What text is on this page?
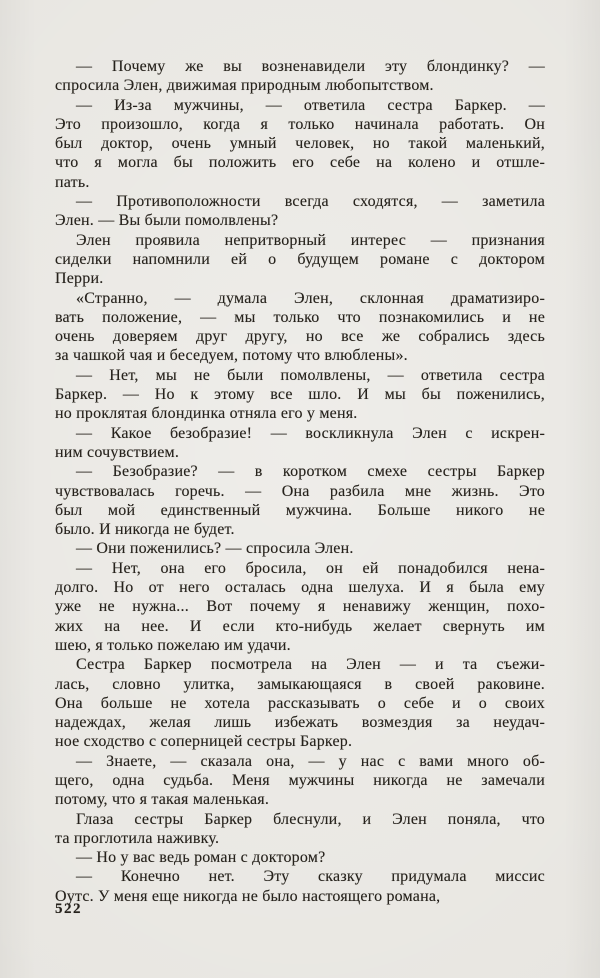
— Почему же вы возненавидели эту блондинку? —
спросила Элен, движимая природным любопытством.
— Из-за мужчины, — ответила сестра Баркер. —
Это произошло, когда я только начинала работать. Он
был доктор, очень умный человек, но такой маленький,
что я могла бы положить его себе на колено и отшле-
пать.
— Противоположности всегда сходятся, — заметила
Элен. — Вы были помолвлены?
Элен проявила непритворный интерес — признания
сиделки напомнили ей о будущем романе с доктором
Перри.
«Странно, — думала Элен, склонная драматизиро-
вать положение, — мы только что познакомились и не
очень доверяем друг другу, но все же собрались здесь
за чашкой чая и беседуем, потому что влюблены».
— Нет, мы не были помолвлены, — ответила сестра
Баркер. — Но к этому все шло. И мы бы поженились,
но проклятая блондинка отняла его у меня.
— Какое безобразие! — воскликнула Элен с искрен-
ним сочувствием.
— Безобразие? — в коротком смехе сестры Баркер
чувствовалась горечь. — Она разбила мне жизнь. Это
был мой единственный мужчина. Больше никого не
было. И никогда не будет.
— Они поженились? — спросила Элен.
— Нет, она его бросила, он ей понадобился нена-
долго. Но от него осталась одна шелуха. И я была ему
уже не нужна... Вот почему я ненавижу женщин, похо-
жих на нее. И если кто-нибудь желает свернуть им
шею, я только пожелаю им удачи.
Сестра Баркер посмотрела на Элен — и та съежи-
лась, словно улитка, замыкающаяся в своей раковине.
Она больше не хотела рассказывать о себе и о своих
надеждах, желая лишь избежать возмездия за неудач-
ное сходство с соперницей сестры Баркер.
— Знаете, — сказала она, — у нас с вами много об-
щего, одна судьба. Меня мужчины никогда не замечали
потому, что я такая маленькая.
Глаза сестры Баркер блеснули, и Элен поняла, что
та проглотила наживку.
— Но у вас ведь роман с доктором?
— Конечно нет. Эту сказку придумала миссис
Оутс. У меня еще никогда не было настоящего романа,
522
